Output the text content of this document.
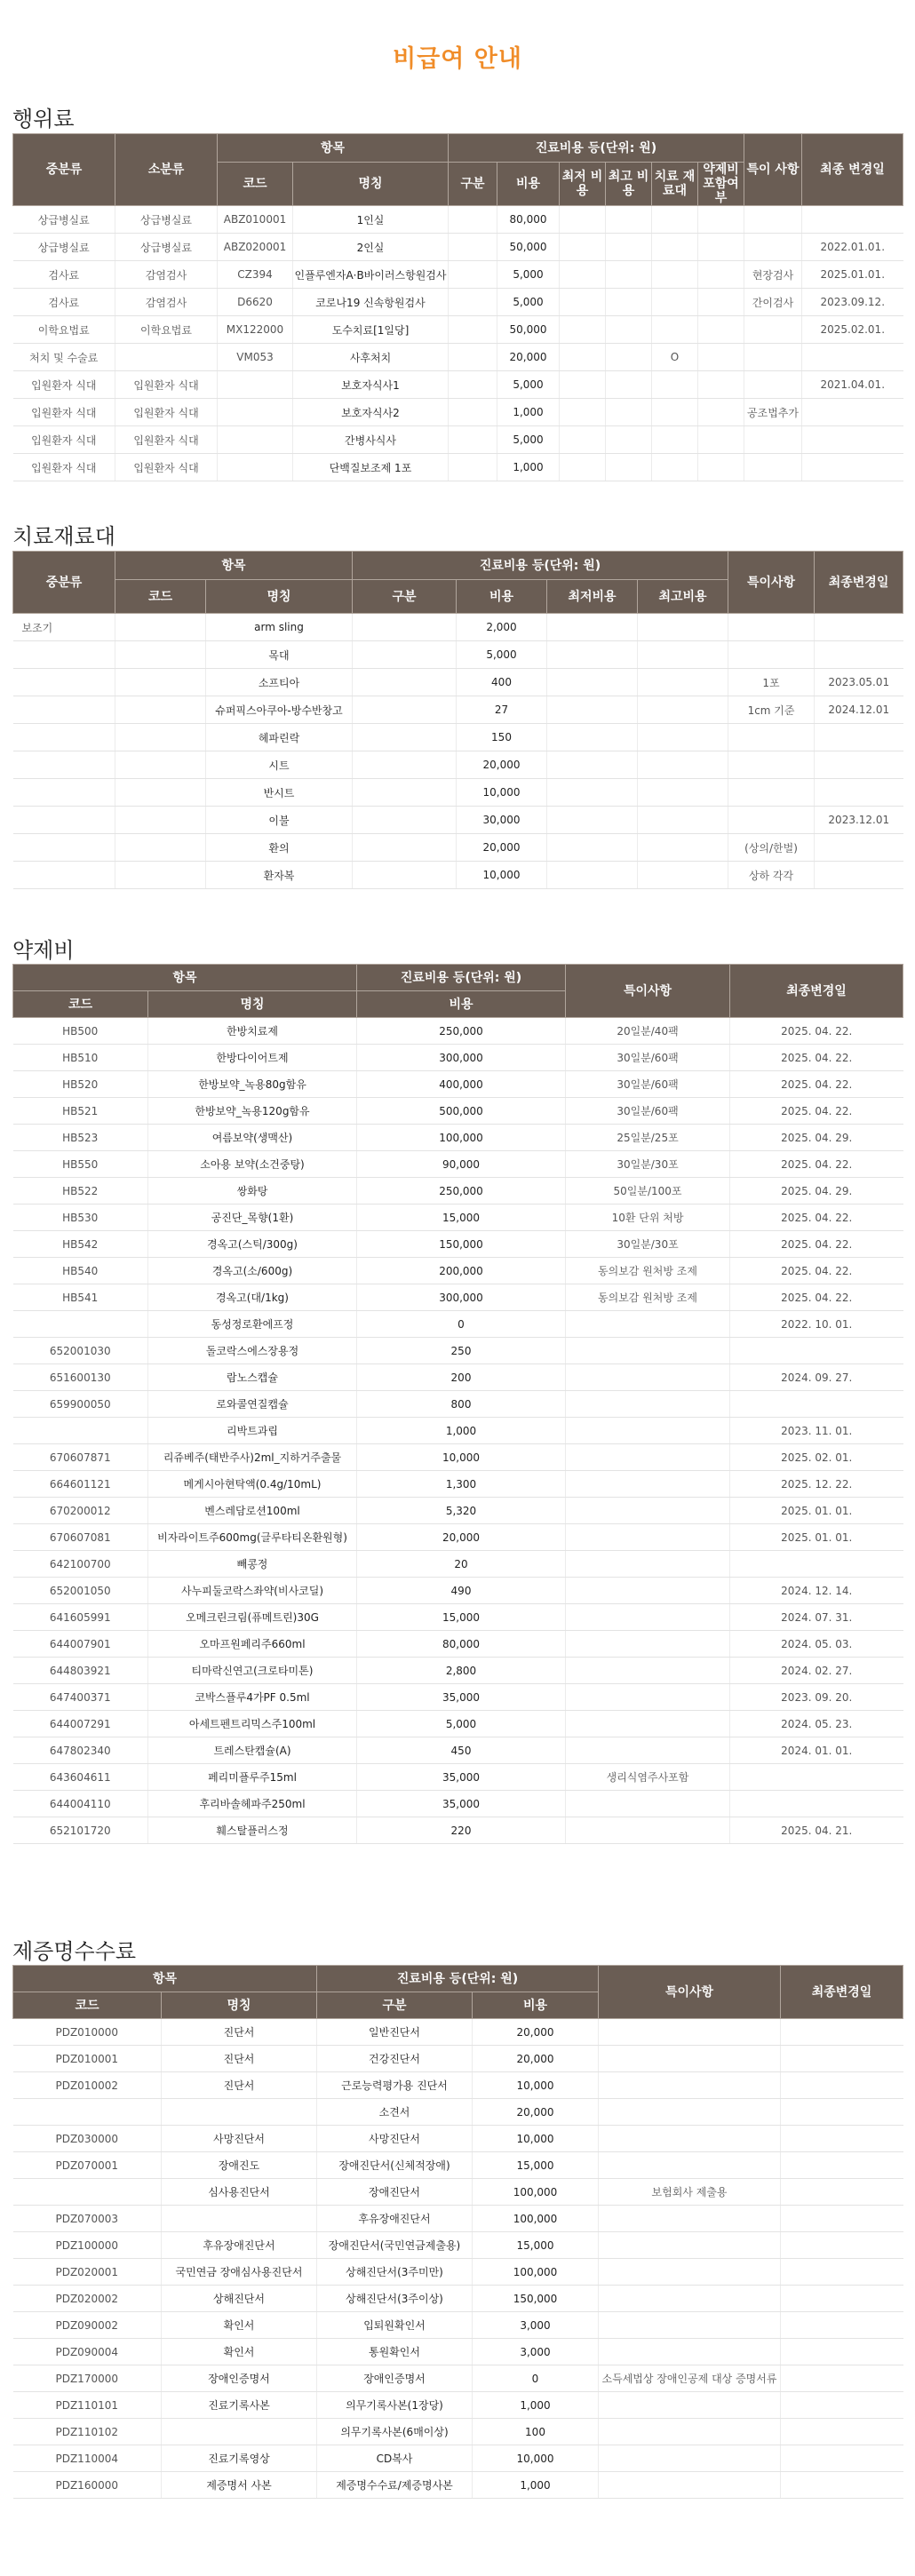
비급여 안내
행위료
중분류	소분류	항목		진료비용 등(단위: 원)						특이 사항	최종 변경일
		코드	명칭	구분	비용	최저 비용	최고 비용	치료 재료대	약제비 포함여부		
상급병실료	상급병실료	ABZ010001	1인실		80,000						
상급병실료	상급병실료	ABZ020001	2인실		50,000						2022.01.01.
검사료	감염검사	CZ394	인플루엔자A·B바이러스항원검사		5,000					현장검사	2025.01.01.
검사료	감염검사	D6620	코로나19 신속항원검사		5,000					간이검사	2023.09.12.
이학요법료	이학요법료	MX122000	도수치료[1일당]		50,000						2025.02.01.
처치 및 수술료		VM053	사후처치		20,000			O			
입원환자 식대	입원환자 식대		보호자식사1		5,000						2021.04.01.
입원환자 식대	입원환자 식대		보호자식사2		1,000					공조법추가	
입원환자 식대	입원환자 식대		간병사식사		5,000						
입원환자 식대	입원환자 식대		단백질보조제 1포		1,000						
치료재료대
중분류	항목		진료비용 등(단위: 원)				특이사항	최종변경일
	코드	명칭	구분	비용	최저비용	최고비용		
보조기		arm sling		2,000				
		목대		5,000				
		소프티아		400			1포	2023.05.01
		슈퍼픽스아쿠아-방수반창고		27			1cm 기준	2024.12.01
		헤파린락		150				
		시트		20,000				
		반시트		10,000				
		이불		30,000				2023.12.01
		환의		20,000			(상의/한벌)	
		환자복		10,000			상하 각각	
약제비
항목		진료비용 등(단위: 원)	특이사항	최종변경일
코드	명칭	비용		
HB500	한방치료제	250,000	20일분/40팩	2025. 04. 22.
HB510	한방다이어트제	300,000	30일분/60팩	2025. 04. 22.
HB520	한방보약_녹용80g함유	400,000	30일분/60팩	2025. 04. 22.
HB521	한방보약_녹용120g함유	500,000	30일분/60팩	2025. 04. 22.
HB523	여름보약(생맥산)	100,000	25일분/25포	2025. 04. 29.
HB550	소아용 보약(소건중탕)	90,000	30일분/30포	2025. 04. 22.
HB522	쌍화탕	250,000	50일분/100포	2025. 04. 29.
HB530	공진단_목향(1환)	15,000	10환 단위 처방	2025. 04. 22.
HB542	경옥고(스틱/300g)	150,000	30일분/30포	2025. 04. 22.
HB540	경옥고(소/600g)	200,000	동의보감 원처방 조제	2025. 04. 22.
HB541	경옥고(대/1kg)	300,000	동의보감 원처방 조제	2025. 04. 22.
	동성정로환에프정	0		2022. 10. 01.
652001030	돌코락스에스장용정	250		
651600130	람노스캡슐	200		2024. 09. 27.
659900050	로와콜연질캡슐	800		
	리박트과립	1,000		2023. 11. 01.
670607871	리쥬베주(태반주사)2ml_지하거주출물	10,000		2025. 02. 01.
664601121	메게시아현탁액(0.4g/10mL)	1,300		2025. 12. 22.
670200012	벤스레담로션100ml	5,320		2025. 01. 01.
670607081	비자라이트주600mg(글루타티온환원형)	20,000		2025. 01. 01.
642100700	빼콩정	20		
652001050	사누피둘코락스좌약(비사코딜)	490		2024. 12. 14.
641605991	오메크린크림(퓨메트린)30G	15,000		2024. 07. 31.
644007901	오마프원페리주660ml	80,000		2024. 05. 03.
644803921	티마락신연고(크로타미톤)	2,800		2024. 02. 27.
647400371	코박스플루4가PF 0.5ml	35,000		2023. 09. 20.
644007291	아세트펜트리믹스주100ml	5,000		2024. 05. 23.
647802340	트레스탄캡슐(A)	450		2024. 01. 01.
643604611	페리미플루주15ml	35,000	생리식염주사포함	
644004110	후리바솔헤파주250ml	35,000		
652101720	훼스탈플러스정	220		2025. 04. 21.
제증명수수료
항목		진료비용 등(단위: 원)		특이사항	최종변경일
코드	명칭	구분	비용		
PDZ010000	진단서	일반진단서	20,000		
PDZ010001	진단서	건강진단서	20,000		
PDZ010002	진단서	근로능력평가용 진단서	10,000		
		소견서	20,000		
PDZ030000	사망진단서	사망진단서	10,000		
PDZ070001	장애진도	장애진단서(신체적장애)	15,000		
	심사용진단서	장애진단서	100,000	보험회사 제출용	
PDZ070003		후유장애진단서	100,000		
PDZ100000	후유장애진단서	장애진단서(국민연금제출용)	15,000		
PDZ020001	국민연금 장애심사용진단서	상해진단서(3주미만)	100,000		
PDZ020002	상해진단서	상해진단서(3주이상)	150,000		
PDZ090002	확인서	입퇴원확인서	3,000		
PDZ090004	확인서	통원확인서	3,000		
PDZ170000	장애인증명서	장애인증명서	0	소득세법상 장애인공제 대상 증명서류	
PDZ110101	진료기록사본	의무기록사본(1장당)	1,000		
PDZ110102		의무기록사본(6매이상)	100		
PDZ110004	진료기록영상	CD복사	10,000		
PDZ160000	제증명서 사본	제증명수수료/제증명사본	1,000		
